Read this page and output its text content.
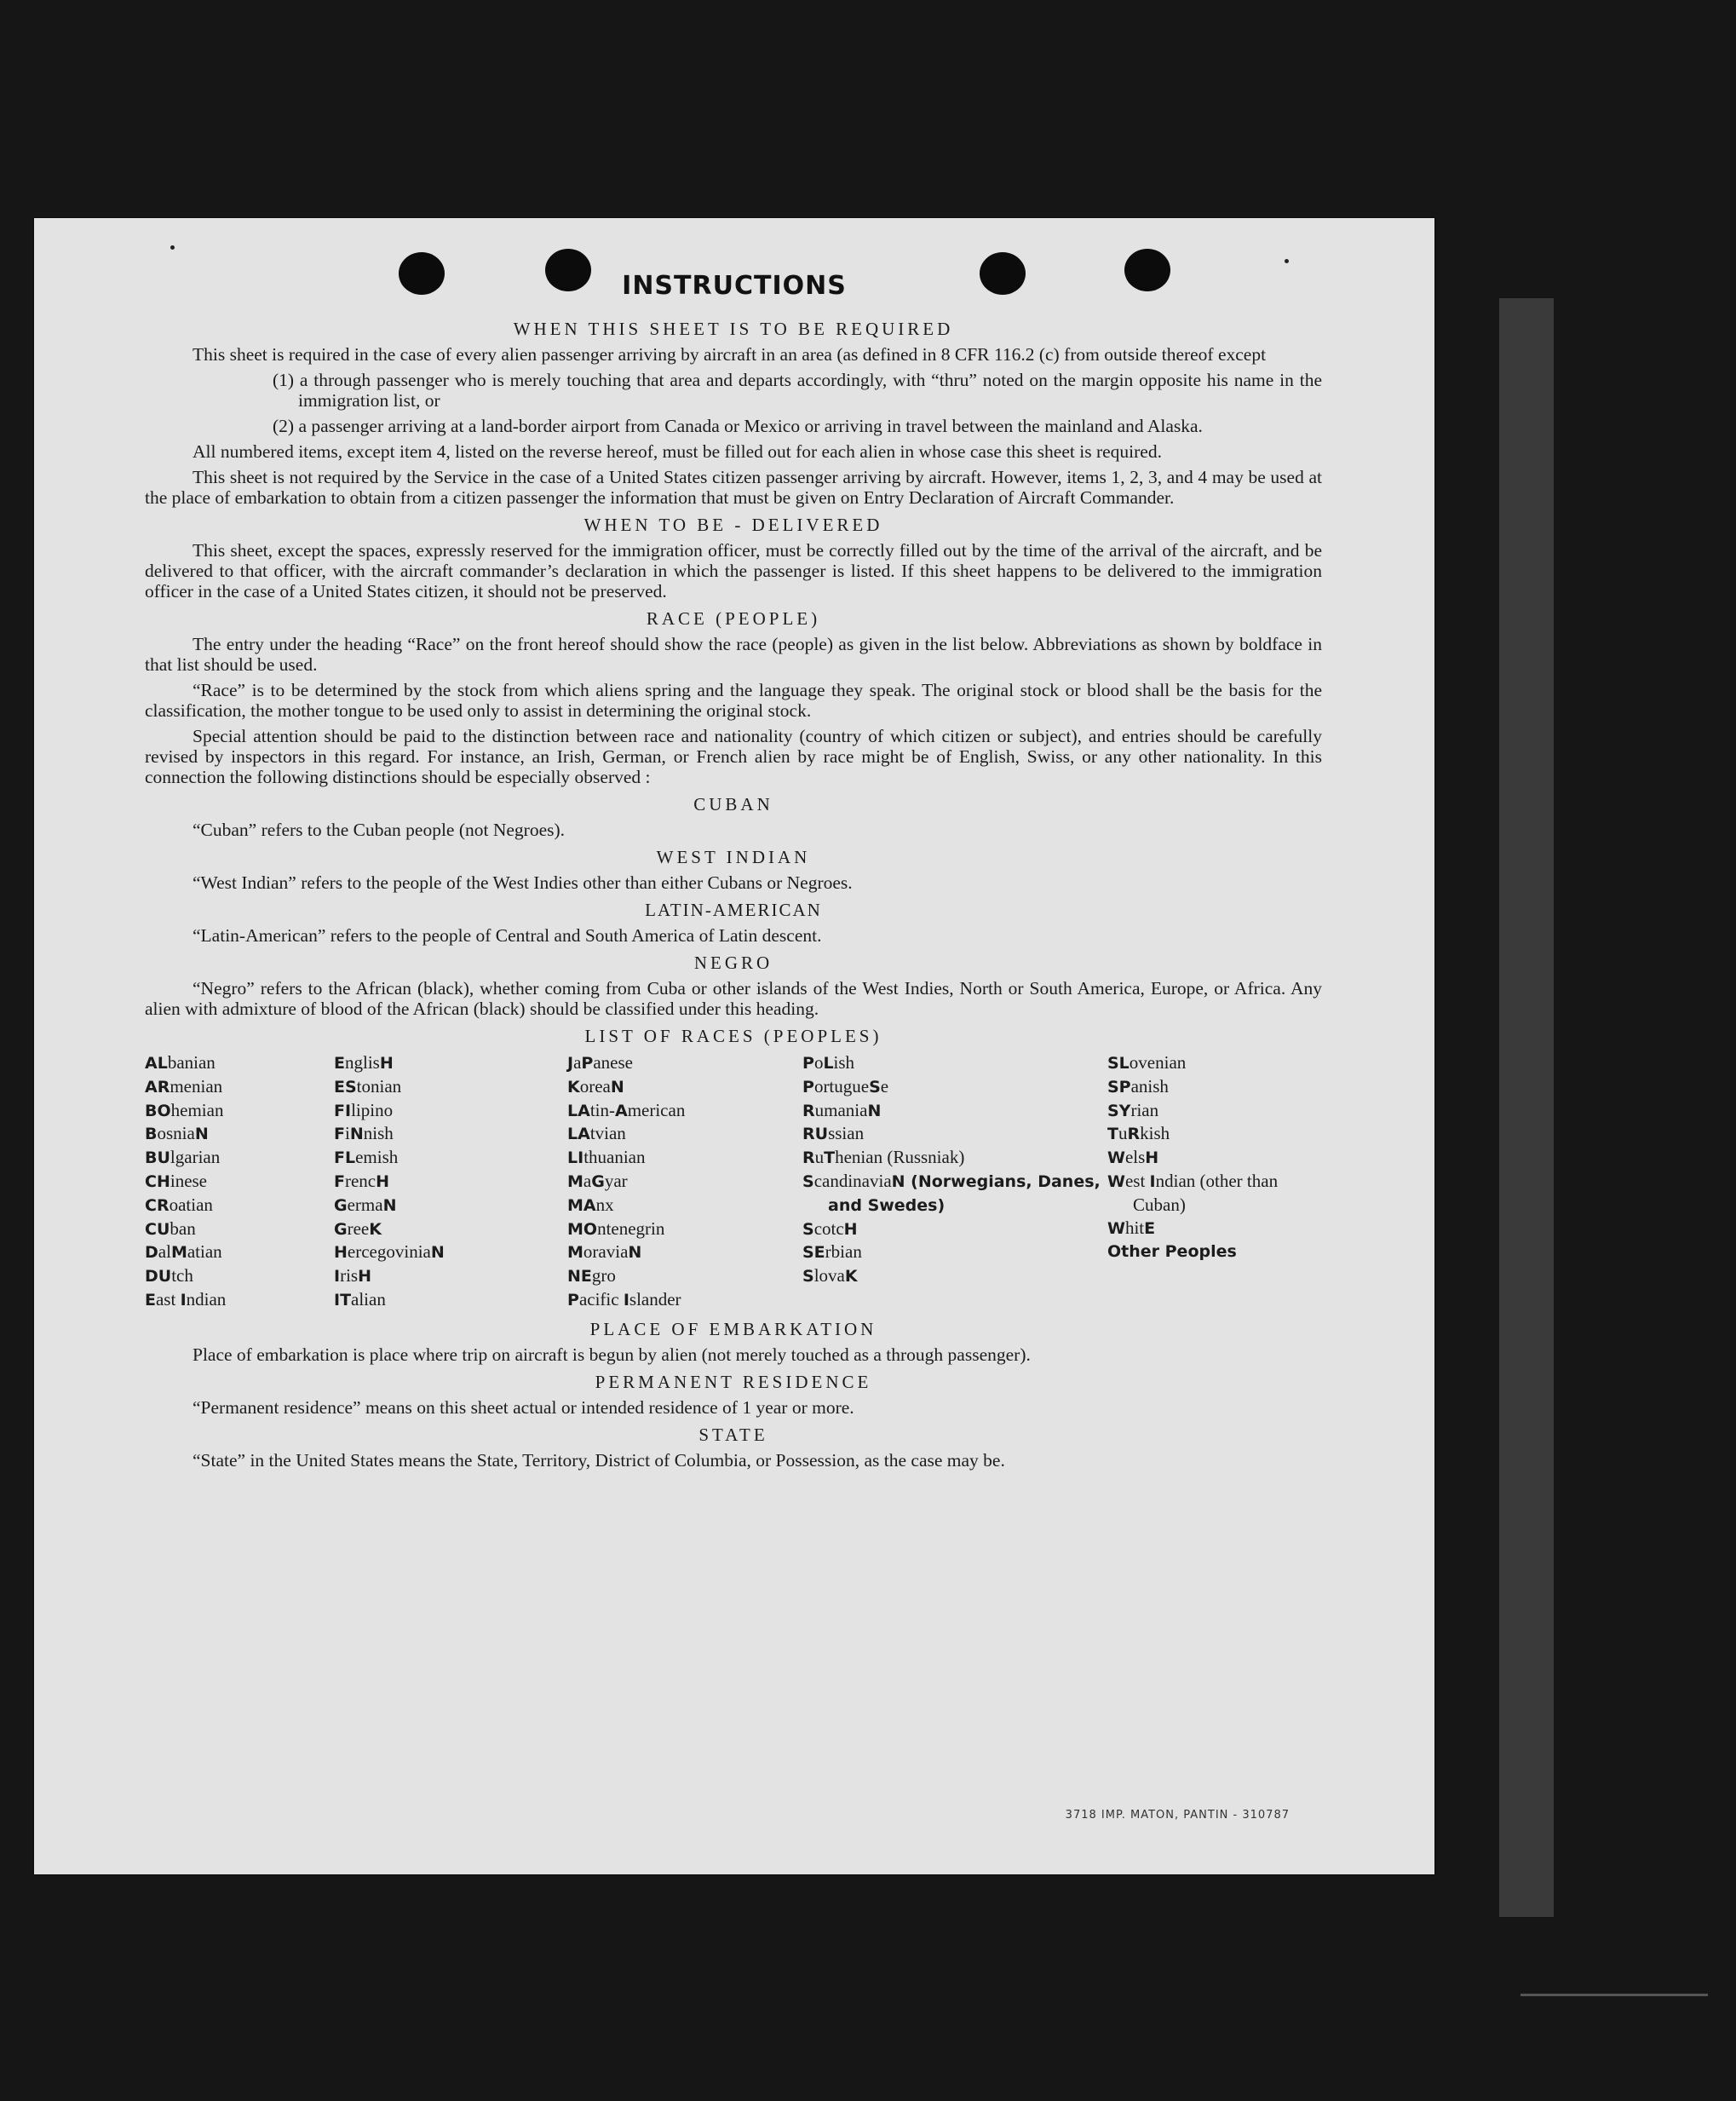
INSTRUCTIONS
WHEN THIS SHEET IS TO BE REQUIRED

This sheet is required in the case of every alien passenger arriving by aircraft in an area (as defined in 8 CFR 116.2 (c) from outside thereof except

(1) a through passenger who is merely touching that area and departs accordingly, with “thru” noted on the margin opposite his name in the immigration list, or

(2) a passenger arriving at a land-border airport from Canada or Mexico or arriving in travel between the mainland and Alaska.

All numbered items, except item 4, listed on the reverse hereof, must be filled out for each alien in whose case this sheet is required.

This sheet is not required by the Service in the case of a United States citizen passenger arriving by aircraft. However, items 1, 2, 3, and 4 may be used at the place of embarkation to obtain from a citizen passenger the information that must be given on Entry Declaration of Aircraft Commander.

WHEN TO BE - DELIVERED

This sheet, except the spaces, expressly reserved for the immigration officer, must be correctly filled out by the time of the arrival of the aircraft, and be delivered to that officer, with the aircraft commander’s declaration in which the passenger is listed. If this sheet happens to be delivered to the immigration officer in the case of a United States citizen, it should not be preserved.

RACE (PEOPLE)

The entry under the heading “Race” on the front hereof should show the race (people) as given in the list below. Abbreviations as shown by boldface in that list should be used.

“Race” is to be determined by the stock from which aliens spring and the language they speak. The original stock or blood shall be the basis for the classification, the mother tongue to be used only to assist in determining the original stock.

Special attention should be paid to the distinction between race and nationality (country of which citizen or subject), and entries should be carefully revised by inspectors in this regard. For instance, an Irish, German, or French alien by race might be of English, Swiss, or any other nationality. In this connection the following distinctions should be especially observed :

CUBAN

“Cuban” refers to the Cuban people (not Negroes).

WEST INDIAN

“West Indian” refers to the people of the West Indies other than either Cubans or Negroes.

LATIN-AMERICAN

“Latin-American” refers to the people of Central and South America of Latin descent.

NEGRO

“Negro” refers to the African (black), whether coming from Cuba or other islands of the West Indies, North or South America, Europe, or Africa. Any alien with admixture of blood of the African (black) should be classified under this heading.

LIST OF RACES (PEOPLES)
ALbanian
ARmenian
BOhemian
BosniaN
BUlgarian
CHinese
CRoatian
CUban
DalMatian
DUtch
East Indian
EnglisH
EStonian
FIlipino
FiNnish
FLemish
FrencH
GermaN
GreeK
HercegoviniaN
IrisH
ITalian
JaPanese
KoreaN
LAtin-American
LAtvian
LIthuanian
MaGyar
MAnx
MOntenegrin
MoraviaN
NEgro
Pacific Islander
PoLish
PortugueSe
RumaniaN
RUssian
RuThenian (Russniak)
ScandinaviaN (Norwegians, Danes, and Swedes)
ScotcH
SErbian
SlovaK
SLovenian
SPanish
SYrian
TuRkish
WelsH
West Indian (other than Cuban)
WhitE
Other Peoples
PLACE OF EMBARKATION

Place of embarkation is place where trip on aircraft is begun by alien (not merely touched as a through passenger).

PERMANENT RESIDENCE

“Permanent residence” means on this sheet actual or intended residence of 1 year or more.

STATE

“State” in the United States means the State, Territory, District of Columbia, or Possession, as the case may be.

3718 IMP. MATON, PANTIN - 310787
